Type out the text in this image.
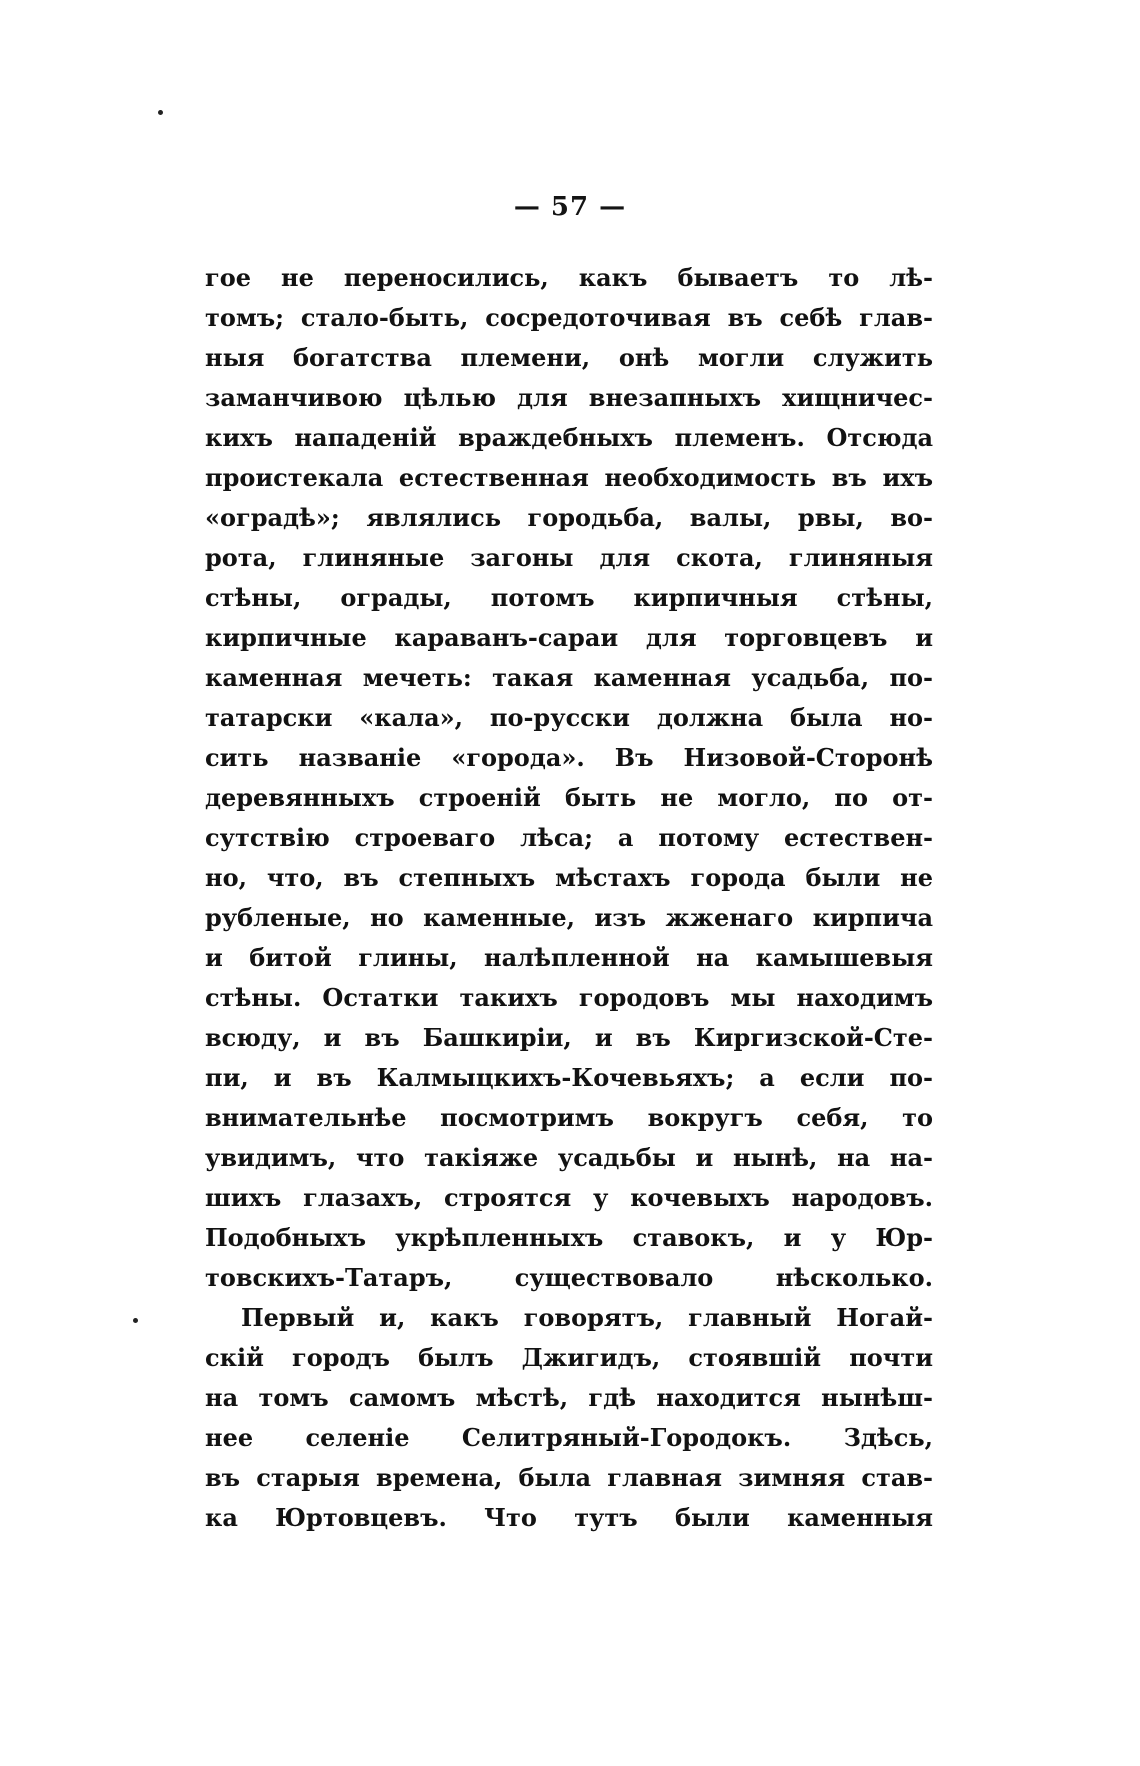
— 57 —
гое не переносились, какъ бываетъ то лѣ-
томъ; стало-быть, сосредоточивая въ себѣ глав-
ныя богатства племени, онѣ могли служить
заманчивою цѣлью для внезапныхъ хищничес-
кихъ нападеній враждебныхъ племенъ. Отсюда
проистекала естественная необходимость въ ихъ
«оградѣ»; являлись городьба, валы, рвы, во-
рота, глиняные загоны для скота, глиняныя
стѣны, ограды, потомъ кирпичныя стѣны,
кирпичные караванъ-сараи для торговцевъ и
каменная мечеть: такая каменная усадьба, по-
татарски «кала», по-русски должна была но-
сить названіе «города». Въ Низовой-Сторонѣ
деревянныхъ строеній быть не могло, по от-
сутствію строеваго лѣса; а потому естествен-
но, что, въ степныхъ мѣстахъ города были не
рубленые, но каменные, изъ жженаго кирпича
и битой глины, налѣпленной на камышевыя
стѣны. Остатки такихъ городовъ мы находимъ
всюду, и въ Башкиріи, и въ Киргизской-Сте-
пи, и въ Калмыцкихъ-Кочевьяхъ; а если по-
внимательнѣе посмотримъ вокругъ себя, то
увидимъ, что такіяже усадьбы и нынѣ, на на-
шихъ глазахъ, строятся у кочевыхъ народовъ.
Подобныхъ укрѣпленныхъ ставокъ, и у Юр-
товскихъ-Татаръ, существовало нѣсколько.
Первый и, какъ говорятъ, главный Ногай-
скій городъ былъ Джигидъ, стоявшій почти
на томъ самомъ мѣстѣ, гдѣ находится нынѣш-
нее селеніе Селитряный-Городокъ. Здѣсь,
въ старыя времена, была главная зимняя став-
ка Юртовцевъ. Что тутъ были каменныя
